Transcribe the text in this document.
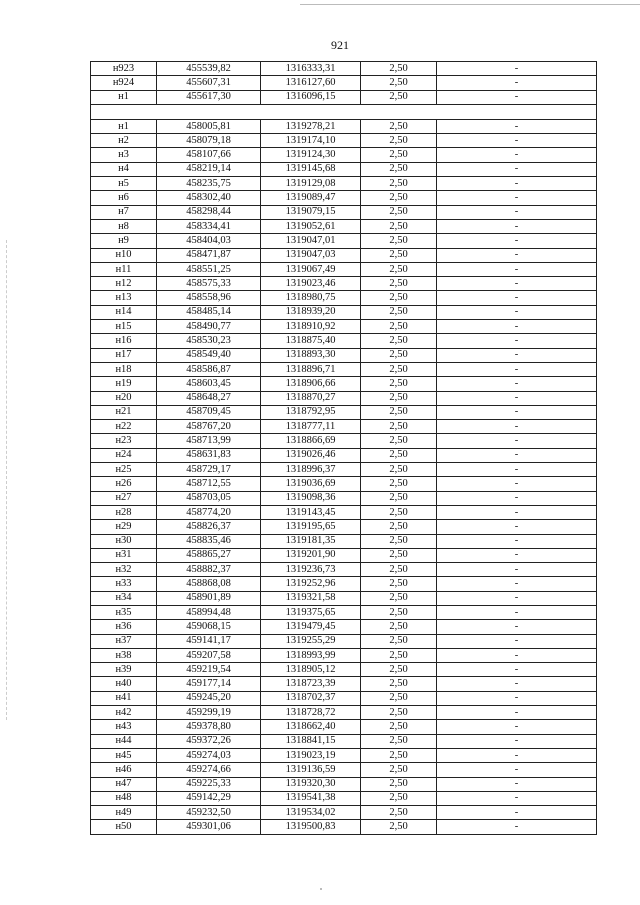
921
н923	455539,82	1316333,31	2,50	-
н924	455607,31	1316127,60	2,50	-
н1	455617,30	1316096,15	2,50	-

н1	458005,81	1319278,21	2,50	-
н2	458079,18	1319174,10	2,50	-
н3	458107,66	1319124,30	2,50	-
н4	458219,14	1319145,68	2,50	-
н5	458235,75	1319129,08	2,50	-
н6	458302,40	1319089,47	2,50	-
н7	458298,44	1319079,15	2,50	-
н8	458334,41	1319052,61	2,50	-
н9	458404,03	1319047,01	2,50	-
н10	458471,87	1319047,03	2,50	-
н11	458551,25	1319067,49	2,50	-
н12	458575,33	1319023,46	2,50	-
н13	458558,96	1318980,75	2,50	-
н14	458485,14	1318939,20	2,50	-
н15	458490,77	1318910,92	2,50	-
н16	458530,23	1318875,40	2,50	-
н17	458549,40	1318893,30	2,50	-
н18	458586,87	1318896,71	2,50	-
н19	458603,45	1318906,66	2,50	-
н20	458648,27	1318870,27	2,50	-
н21	458709,45	1318792,95	2,50	-
н22	458767,20	1318777,11	2,50	-
н23	458713,99	1318866,69	2,50	-
н24	458631,83	1319026,46	2,50	-
н25	458729,17	1318996,37	2,50	-
н26	458712,55	1319036,69	2,50	-
н27	458703,05	1319098,36	2,50	-
н28	458774,20	1319143,45	2,50	-
н29	458826,37	1319195,65	2,50	-
н30	458835,46	1319181,35	2,50	-
н31	458865,27	1319201,90	2,50	-
н32	458882,37	1319236,73	2,50	-
н33	458868,08	1319252,96	2,50	-
н34	458901,89	1319321,58	2,50	-
н35	458994,48	1319375,65	2,50	-
н36	459068,15	1319479,45	2,50	-
н37	459141,17	1319255,29	2,50	-
н38	459207,58	1318993,99	2,50	-
н39	459219,54	1318905,12	2,50	-
н40	459177,14	1318723,39	2,50	-
н41	459245,20	1318702,37	2,50	-
н42	459299,19	1318728,72	2,50	-
н43	459378,80	1318662,40	2,50	-
н44	459372,26	1318841,15	2,50	-
н45	459274,03	1319023,19	2,50	-
н46	459274,66	1319136,59	2,50	-
н47	459225,33	1319320,30	2,50	-
н48	459142,29	1319541,38	2,50	-
н49	459232,50	1319534,02	2,50	-
н50	459301,06	1319500,83	2,50	-
